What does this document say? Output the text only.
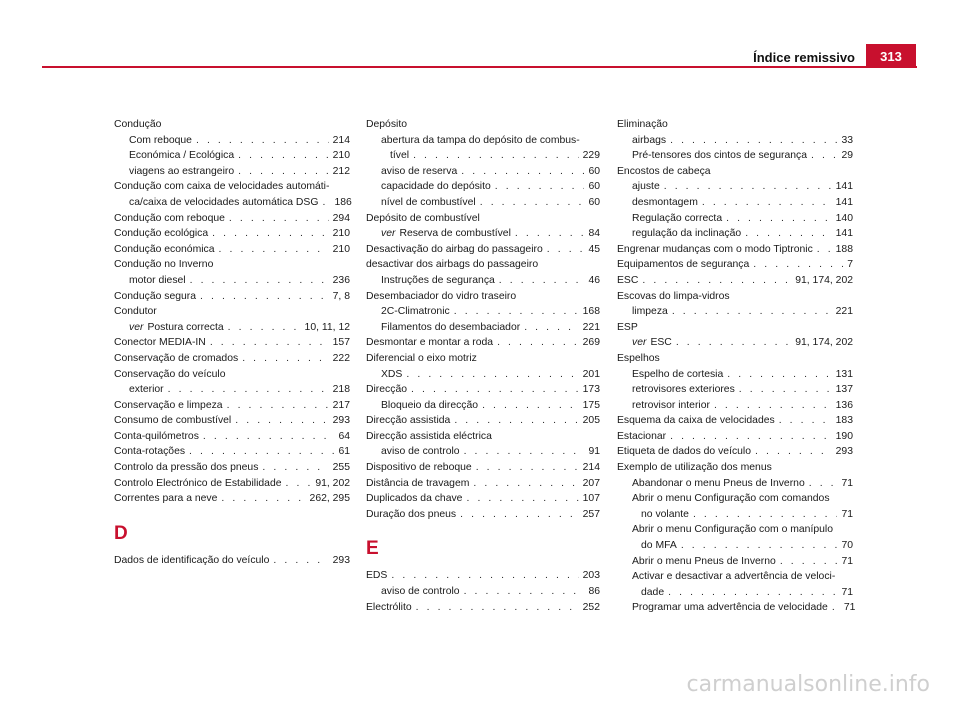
Índice remissivo	313
Condução
Com reboque . . .	214
Económica / Ecológica . . .	210
viagens ao estrangeiro . . .	212
Condução com caixa de velocidades automáti-
ca/caixa de velocidades automática DSG . . . 186
Condução com reboque . . .	294
Condução ecológica . . .	210
Condução económica . . .	210
Condução no Inverno
motor diesel . . .	236
Condução segura . . .	7, 8
Condutor
ver Postura correcta . . .	10, 11, 12
Conector MEDIA-IN . . .	157
Conservação de cromados . . .	222
Conservação do veículo
exterior . . .	218
Conservação e limpeza . . .	217
Consumo de combustível . . .	293
Conta-quilómetros . . .	64
Conta-rotações . . .	61
Controlo da pressão dos pneus . . .	255
Controlo Electrónico de Estabilidade . . .	91, 202
Correntes para a neve . . .	262, 295
D
Dados de identificação do veículo . . .	293
Depósito
abertura da tampa do depósito de combus-
tível . . .	229
aviso de reserva . . .	60
capacidade do depósito . . .	60
nível de combustível . . .	60
Depósito de combustível
ver Reserva de combustível . . .	84
Desactivação do airbag do passageiro . . .	45
desactivar dos airbags do passageiro
Instruções de segurança . . .	46
Desembaciador do vidro traseiro
2C-Climatronic . . .	168
Filamentos do desembaciador . . .	221
Desmontar e montar a roda . . .	269
Diferencial o eixo motriz
XDS . . .	201
Direcção . . .	173
Bloqueio da direcção . . .	175
Direcção assistida . . .	205
Direcção assistida eléctrica
aviso de controlo . . .	91
Dispositivo de reboque . . .	214
Distância de travagem . . .	207
Duplicados da chave . . .	107
Duração dos pneus . . .	257
E
EDS . . .	203
aviso de controlo . . .	86
Electrólito . . .	252
Eliminação
airbags . . .	33
Pré-tensores dos cintos de segurança . . .	29
Encostos de cabeça
ajuste . . .	141
desmontagem . . .	141
Regulação correcta . . .	140
regulação da inclinação . . .	141
Engrenar mudanças com o modo Tiptronic . . . 188
Equipamentos de segurança . . .	7
ESC . . .	91, 174, 202
Escovas do limpa-vidros
limpeza . . .	221
ESP
ver ESC . . .	91, 174, 202
Espelhos
Espelho de cortesia . . .	131
retrovisores exteriores . . .	137
retrovisor interior . . .	136
Esquema da caixa de velocidades . . .	183
Estacionar . . .	190
Etiqueta de dados do veículo . . .	293
Exemplo de utilização dos menus
Abandonar o menu Pneus de Inverno . . .	71
Abrir o menu Configuração com comandos
no volante . . .	71
Abrir o menu Configuração com o manípulo
do MFA . . .	70
Abrir o menu Pneus de Inverno . . .	71
Activar e desactivar a advertência de veloci-
dade . . .	71
Programar uma advertência de velocidade . . . 71
carmanualsonline.info
